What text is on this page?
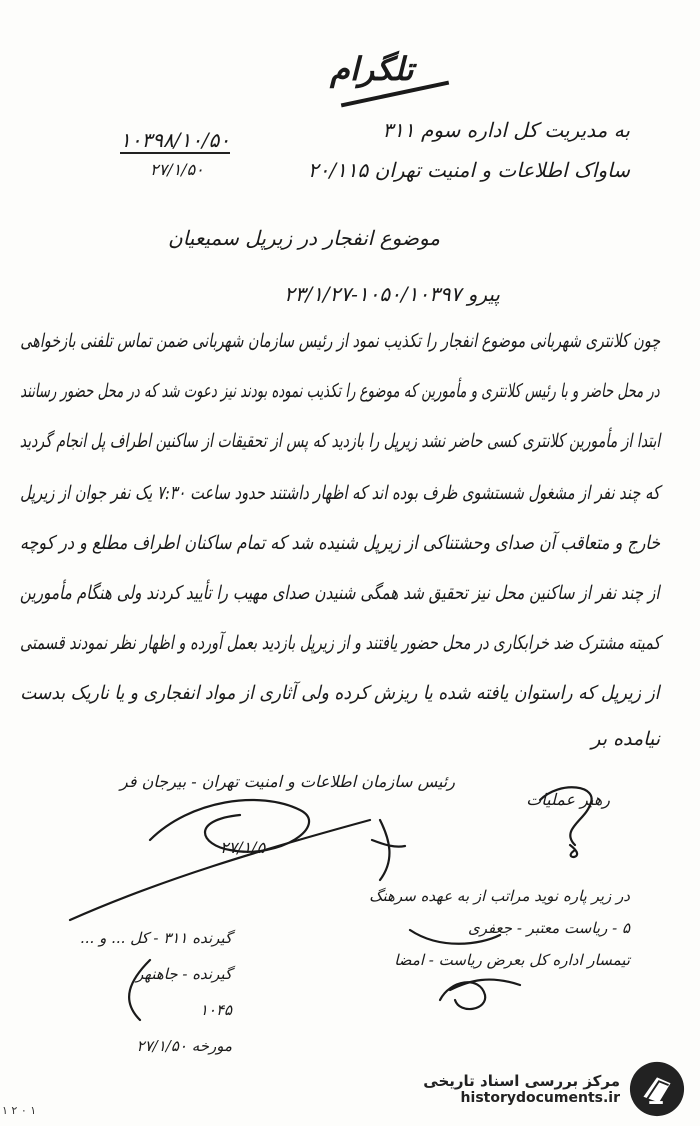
تلگرام
۱۰۳۹۸/۱۰/۵۰
۲۷/۱/۵۰
به مدیریت کل اداره سوم ۳۱۱
ساواک اطلاعات و امنیت تهران ۲۰/۱۱۵
موضوع انفجار در زیرپل سمیعیان
پیرو ۱۰۵۰/۱۰۳۹۷-۲۳/۱/۲۷
چون کلانتری شهربانی موضوع انفجار را تکذیب نمود از رئیس سازمان شهربانی ضمن تماس تلفنی بازخواهی
در محل حاضر و با رئیس کلانتری و مأمورین که موضوع را تکذیب نموده بودند نیز دعوت شد که در محل حضور رسانند
ابتدا از مأمورین کلانتری کسی حاضر نشد زیرپل را بازدید که پس از تحقیقات از ساکنین اطراف پل انجام گردید
که چند نفر از مشغول شستشوی ظرف بوده اند که اظهار داشتند حدود ساعت ۷:۳۰ یک نفر جوان از زیرپل
خارج و متعاقب آن صدای وحشتناکی از زیرپل شنیده شد که تمام ساکنان اطراف مطلع و در کوچه
از چند نفر از ساکنین محل نیز تحقیق شد همگی شنیدن صدای مهیب را تأیید کردند ولی هنگام مأمورین
کمیته مشترک ضد خرابکاری در محل حضور یافتند و از زیرپل بازدید بعمل آورده و اظهار نظر نمودند قسمتی
از زیرپل که راستوان یافته شده یا ریزش کرده ولی آثاری از مواد انفجاری و یا ناریک بدست
نیامده بر
رئیس سازمان اطلاعات و امنیت تهران - بیرجان فر
۲۷/۱/۵۰
رهبر عملیات
در زیر پاره نوید مراتب از به عهده سرهنگ
۵ - ریاست معتبر - جعفری
تیمسار اداره کل بعرض ریاست - امضا
گیرنده ۳۱۱ - کل ... و ...
گیرنده - جاهنهر
۱۰۴۵
مورخه ۲۷/۱/۵۰
۱ ۰ ۲ ۱
مرکز بررسی اسناد تاریخی
historydocuments.ir
